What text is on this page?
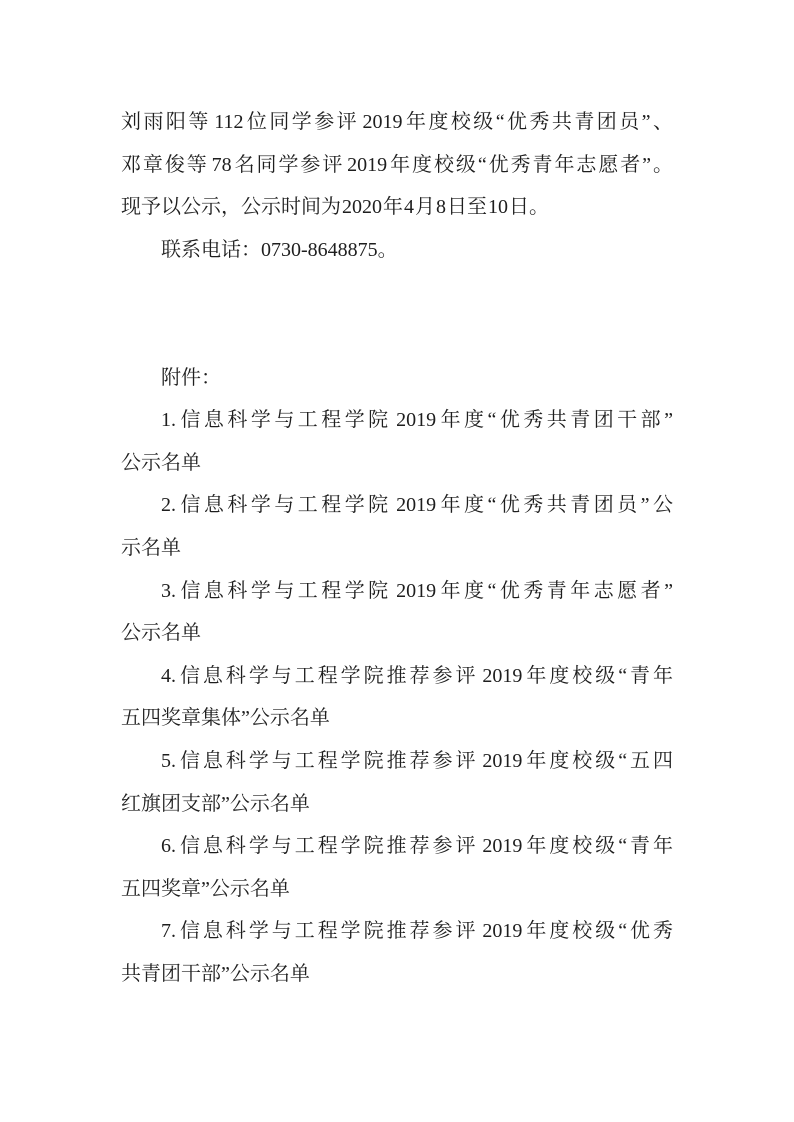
刘雨阳等 112 位同学参评 2019 年度校级“优秀共青团员”、
邓章俊等 78 名同学参评 2019 年度校级“优秀青年志愿者”。
现予以公示，公示时间为 2020 年 4 月 8 日至 10 日。
联系电话：0730-8648875。
附件：
1. 信息科学与工程学院 2019 年度“优秀共青团干部”
公示名单
2. 信息科学与工程学院 2019 年度“优秀共青团员”公
示名单
3. 信息科学与工程学院 2019 年度“优秀青年志愿者”
公示名单
4. 信息科学与工程学院推荐参评 2019 年度校级“青年
五四奖章集体”公示名单
5. 信息科学与工程学院推荐参评 2019 年度校级“五四
红旗团支部”公示名单
6. 信息科学与工程学院推荐参评 2019 年度校级“青年
五四奖章”公示名单
7. 信息科学与工程学院推荐参评 2019 年度校级“优秀
共青团干部”公示名单
